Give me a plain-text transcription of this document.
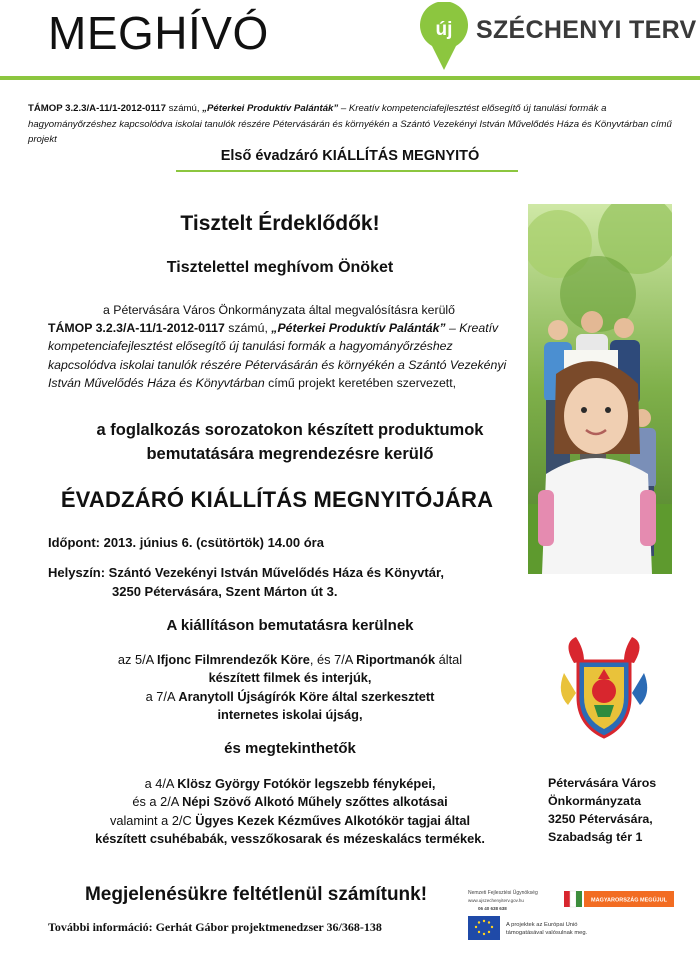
MEGHÍVÓ	új SZÉCHENYI TERV
TÁMOP 3.2.3/A-11/1-2012-0117 számú, „Péterkei Produktív Palánták” – Kreatív kompetenciafejlesztést elősegítő új tanulási formák a hagyományőrzéshez kapcsolódva iskolai tanulók részére Pétervásárán és környékén a Szántó Vezekényi István Művelődés Háza és Könyvtárban című projekt
Első évadzáró KIÁLLÍTÁS MEGNYITÓ
Tisztelt Érdeklődők!
Tisztelettel meghívom Önöket

a Pétervására Város Önkormányzata által megvalósításra kerülő

TÁMOP 3.2.3/A-11/1-2012-0117 számú, „Péterkei Produktív Palánták” – Kreatív kompetenciafejlesztést elősegítő új tanulási formák a hagyományőrzéshez kapcsolódva iskolai tanulók részére Pétervásárán és környékén a Szántó Vezekényi István Művelődés Háza és Könyvtárban című projekt keretében szervezett,

a foglalkozás sorozatokon készített produktumok
bemutatására megrendezésre kerülő
ÉVADZÁRÓ KIÁLLÍTÁS MEGNYITÓJÁRA
Időpont: 2013. június 6. (csütörtök) 14.00 óra
Helyszín: Szántó Vezekényi István Művelődés Háza és Könyvtár,
3250 Pétervására, Szent Márton út 3.
A kiállításon bemutatásra kerülnek
az 5/A Ifjonc Filmrendezők Köre, és 7/A Riportmanók által
készített filmek és interjúk,
a 7/A Aranytoll Újságírók Köre által szerkesztett
internetes iskolai újság,
és megtekinthetők
a 4/A Klösz György Fotókör legszebb fényképei,
és a 2/A Népi Szövő Alkotó Műhely szőttes alkotásai
valamint a 2/C Ügyes Kezek Kézműves Alkotókör tagjai által
készített csuhébabák, vesszőkosarak és mézeskalács termékek.
Pétervására Város
Önkormányzata
3250 Pétervására,
Szabadság tér 1
Megjelenésükre feltétlenül számítunk!
További információ: Gerhát Gábor projektmenedzser 36/368-138
Nemzeti Fejlesztési Ügynökség
www.ujszechenyiterv.gov.hu
06 40 638 638
MAGYARORSZÁG MEGÚJUL
A projektek az Európai Unió
támogatásával valósulnak meg.
